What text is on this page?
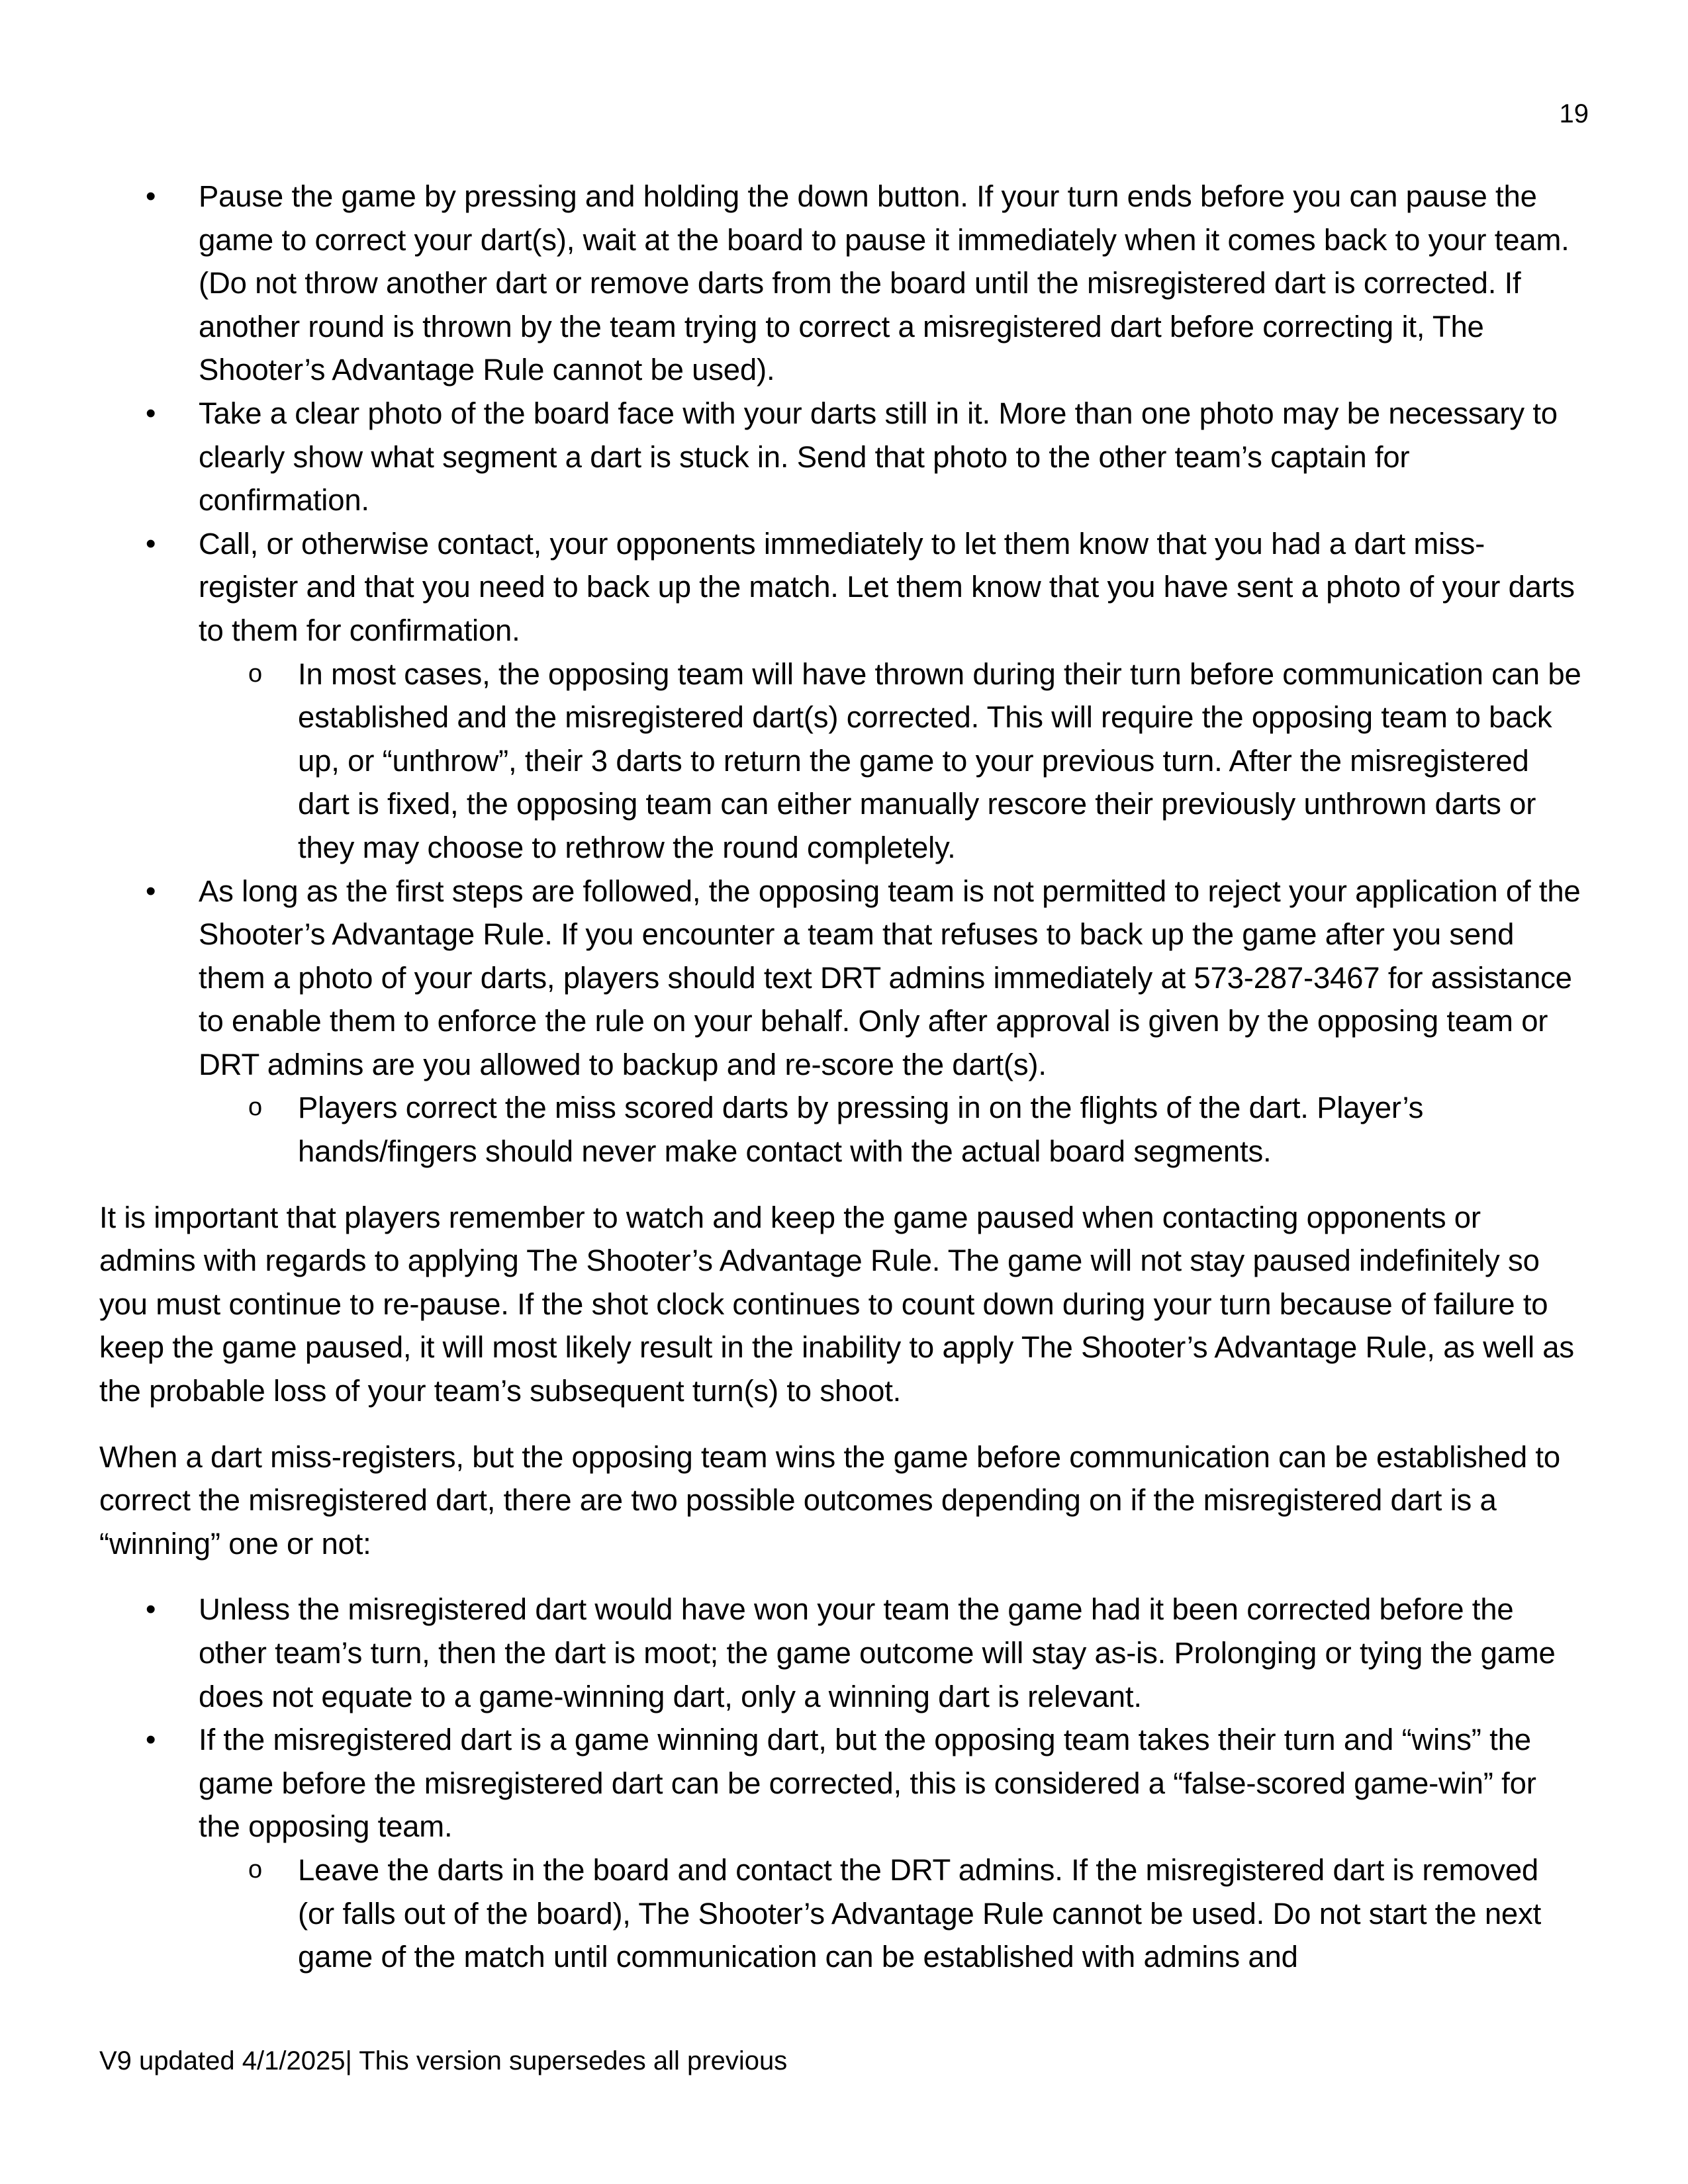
19
• Pause the game by pressing and holding the down button. If your turn ends before you can pause the game to correct your dart(s), wait at the board to pause it immediately when it comes back to your team. (Do not throw another dart or remove darts from the board until the misregistered dart is corrected. If another round is thrown by the team trying to correct a misregistered dart before correcting it, The Shooter’s Advantage Rule cannot be used).
• Take a clear photo of the board face with your darts still in it. More than one photo may be necessary to clearly show what segment a dart is stuck in. Send that photo to the other team’s captain for confirmation.
• Call, or otherwise contact, your opponents immediately to let them know that you had a dart miss-register and that you need to back up the match. Let them know that you have sent a photo of your darts to them for confirmation.
o In most cases, the opposing team will have thrown during their turn before communication can be established and the misregistered dart(s) corrected. This will require the opposing team to back up, or “unthrow”, their 3 darts to return the game to your previous turn. After the misregistered dart is fixed, the opposing team can either manually rescore their previously unthrown darts or they may choose to rethrow the round completely.
• As long as the first steps are followed, the opposing team is not permitted to reject your application of the Shooter’s Advantage Rule. If you encounter a team that refuses to back up the game after you send them a photo of your darts, players should text DRT admins immediately at 573-287-3467 for assistance to enable them to enforce the rule on your behalf. Only after approval is given by the opposing team or DRT admins are you allowed to backup and re-score the dart(s).
o Players correct the miss scored darts by pressing in on the flights of the dart. Player’s hands/fingers should never make contact with the actual board segments.

It is important that players remember to watch and keep the game paused when contacting opponents or admins with regards to applying The Shooter’s Advantage Rule. The game will not stay paused indefinitely so you must continue to re-pause. If the shot clock continues to count down during your turn because of failure to keep the game paused, it will most likely result in the inability to apply The Shooter’s Advantage Rule, as well as the probable loss of your team’s subsequent turn(s) to shoot.

When a dart miss-registers, but the opposing team wins the game before communication can be established to correct the misregistered dart, there are two possible outcomes depending on if the misregistered dart is a “winning” one or not:

• Unless the misregistered dart would have won your team the game had it been corrected before the other team’s turn, then the dart is moot; the game outcome will stay as-is. Prolonging or tying the game does not equate to a game-winning dart, only a winning dart is relevant.
• If the misregistered dart is a game winning dart, but the opposing team takes their turn and “wins” the game before the misregistered dart can be corrected, this is considered a “false-scored game-win” for the opposing team.
o Leave the darts in the board and contact the DRT admins. If the misregistered dart is removed (or falls out of the board), The Shooter’s Advantage Rule cannot be used. Do not start the next game of the match until communication can be established with admins and
V9 updated 4/1/2025| This version supersedes all previous
